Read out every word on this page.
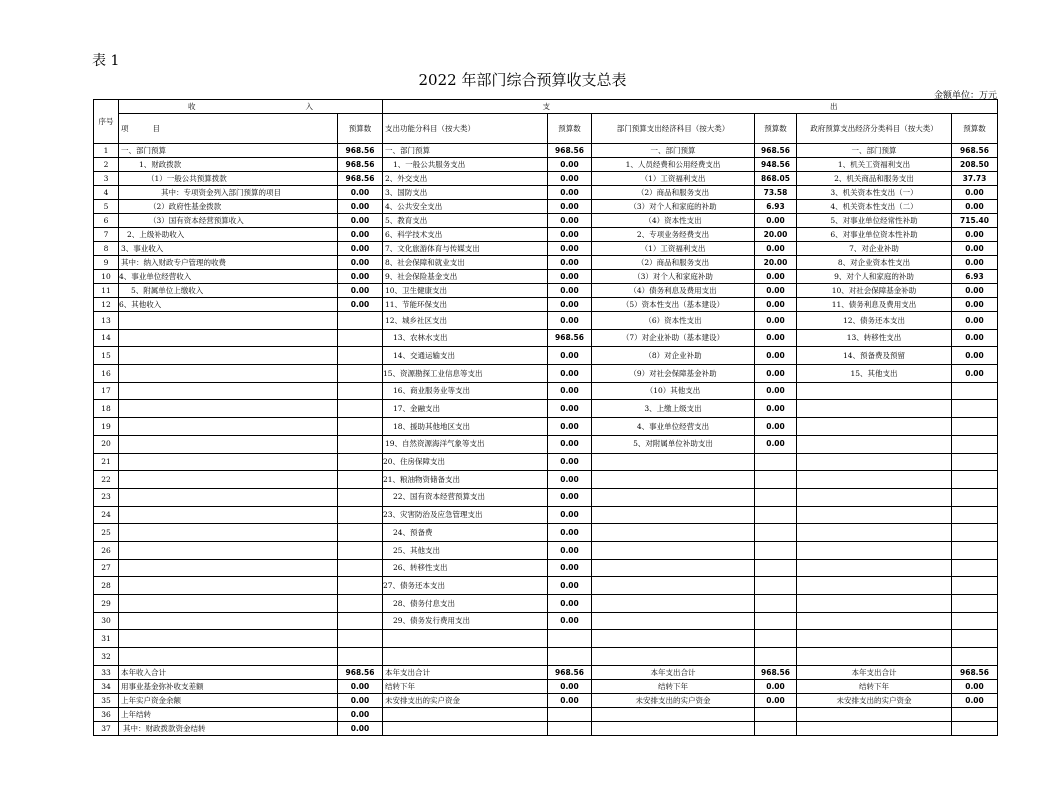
表 1
2022 年部门综合预算收支总表
金额单位：万元
序号	收 入		支 出					
	项 目	预算数	支出功能分科目（按大类）	预算数	部门预算支出经济科目（按大类）	预算数	政府预算支出经济分类科目（按大类）	预算数
1	一、部门预算	968.56	一、部门预算	968.56	一、部门预算	968.56	一、部门预算	968.56
2	1、财政拨款	968.56	1、一般公共服务支出	0.00	1、人员经费和公用经费支出	948.56	1、机关工资福利支出	208.50
3	（1）一般公共预算拨款	968.56	2、外交支出	0.00	（1）工资福利支出	868.05	2、机关商品和服务支出	37.73
4	其中：专项资金列入部门预算的项目	0.00	3、国防支出	0.00	（2）商品和服务支出	73.58	3、机关资本性支出（一）	0.00
5	（2）政府性基金拨款	0.00	4、公共安全支出	0.00	（3）对个人和家庭的补助	6.93	4、机关资本性支出（二）	0.00
6	（3）国有资本经营预算收入	0.00	5、教育支出	0.00	（4）资本性支出	0.00	5、对事业单位经常性补助	715.40
7	2、上级补助收入	0.00	6、科学技术支出	0.00	2、专项业务经费支出	20.00	6、对事业单位资本性补助	0.00
8	3、事业收入	0.00	7、文化旅游体育与传媒支出	0.00	（1）工资福利支出	0.00	7、对企业补助	0.00
9	其中：纳入财政专户管理的收费	0.00	8、社会保障和就业支出	0.00	（2）商品和服务支出	20.00	8、对企业资本性支出	0.00
10	4、事业单位经营收入	0.00	9、社会保险基金支出	0.00	（3）对个人和家庭补助	0.00	9、对个人和家庭的补助	6.93
11	5、附属单位上缴收入	0.00	10、卫生健康支出	0.00	（4）债务利息及费用支出	0.00	10、对社会保障基金补助	0.00
12	6、其他收入	0.00	11、节能环保支出	0.00	（5）资本性支出（基本建设）	0.00	11、债务利息及费用支出	0.00
13			12、城乡社区支出	0.00	（6）资本性支出	0.00	12、债务还本支出	0.00
14			13、农林水支出	968.56	（7）对企业补助（基本建设）	0.00	13、转移性支出	0.00
15			14、交通运输支出	0.00	（8）对企业补助	0.00	14、预备费及预留	0.00
16			15、资源勘探工业信息等支出	0.00	（9）对社会保障基金补助	0.00	15、其他支出	0.00
17			16、商业服务业等支出	0.00	（10）其他支出	0.00		
18			17、金融支出	0.00	3、上缴上级支出	0.00		
19			18、援助其他地区支出	0.00	4、事业单位经营支出	0.00		
20			19、自然资源海洋气象等支出	0.00	5、对附属单位补助支出	0.00		
21			20、住房保障支出	0.00				
22			21、粮油物资储备支出	0.00				
23			22、国有资本经营预算支出	0.00				
24			23、灾害防治及应急管理支出	0.00				
25			24、预备费	0.00				
26			25、其他支出	0.00				
27			26、转移性支出	0.00				
28			27、债务还本支出	0.00				
29			28、债务付息支出	0.00				
30			29、债务发行费用支出	0.00				
31								
32								
33	本年收入合计	968.56	本年支出合计	968.56	本年支出合计	968.56	本年支出合计	968.56
34	用事业基金弥补收支差额	0.00	结转下年	0.00	结转下年	0.00	结转下年	0.00
35	上年实户资金余额	0.00	未安排支出的实户资金	0.00	未安排支出的实户资金	0.00	未安排支出的实户资金	0.00
36	上年结转	0.00						
37	其中：财政拨款资金结转	0.00						
